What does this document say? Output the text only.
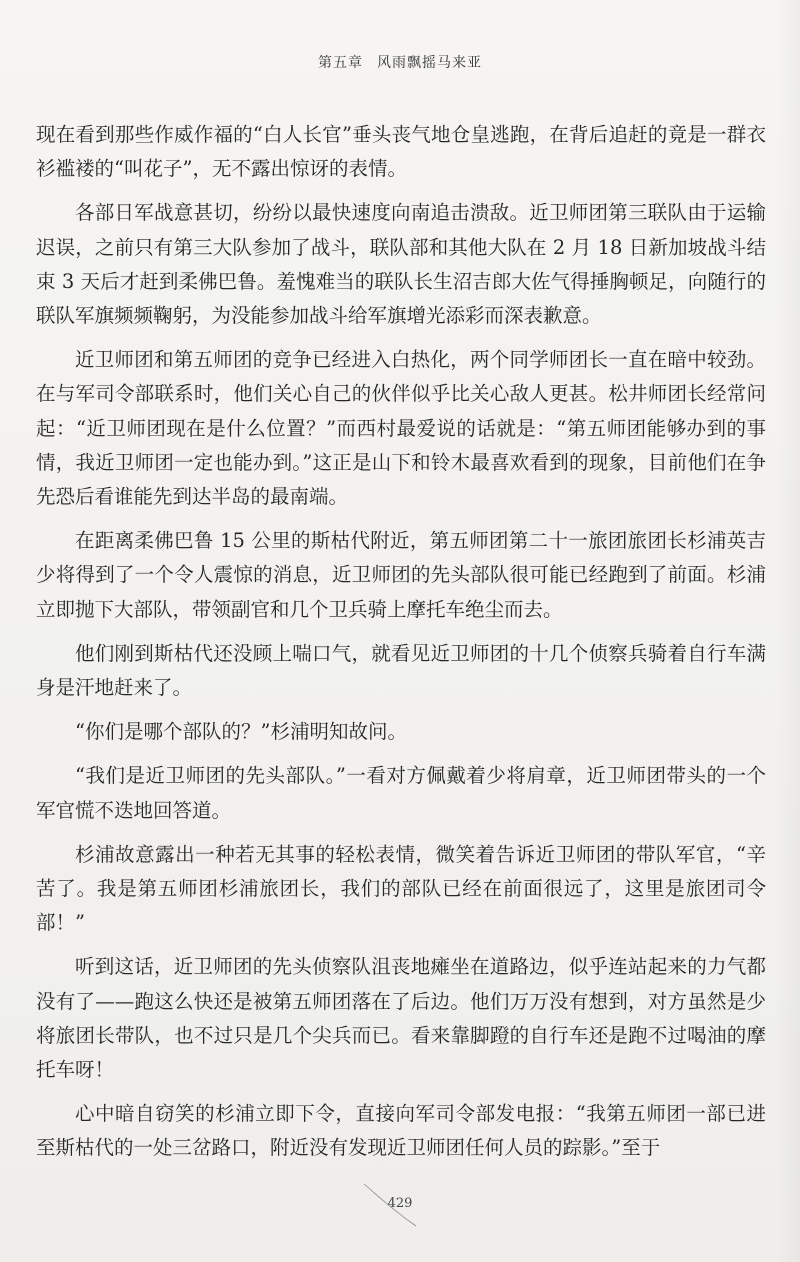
第五章 风雨飘摇马来亚

现在看到那些作威作福的“白人长官”垂头丧气地仓皇逃跑，在背后追赶的竟是一群衣衫褴褛的“叫花子”，无不露出惊讶的表情。

各部日军战意甚切，纷纷以最快速度向南追击溃敌。近卫师团第三联队由于运输迟误，之前只有第三大队参加了战斗，联队部和其他大队在 2 月 18 日新加坡战斗结束 3 天后才赶到柔佛巴鲁。羞愧难当的联队长生沼吉郎大佐气得捶胸顿足，向随行的联队军旗频频鞠躬，为没能参加战斗给军旗增光添彩而深表歉意。

近卫师团和第五师团的竞争已经进入白热化，两个同学师团长一直在暗中较劲。在与军司令部联系时，他们关心自己的伙伴似乎比关心敌人更甚。松井师团长经常问起：“近卫师团现在是什么位置？”而西村最爱说的话就是：“第五师团能够办到的事情，我近卫师团一定也能办到。”这正是山下和铃木最喜欢看到的现象，目前他们在争先恐后看谁能先到达半岛的最南端。

在距离柔佛巴鲁 15 公里的斯枯代附近，第五师团第二十一旅团旅团长杉浦英吉少将得到了一个令人震惊的消息，近卫师团的先头部队很可能已经跑到了前面。杉浦立即抛下大部队，带领副官和几个卫兵骑上摩托车绝尘而去。

他们刚到斯枯代还没顾上喘口气，就看见近卫师团的十几个侦察兵骑着自行车满身是汗地赶来了。

“你们是哪个部队的？”杉浦明知故问。

“我们是近卫师团的先头部队。”一看对方佩戴着少将肩章，近卫师团带头的一个军官慌不迭地回答道。

杉浦故意露出一种若无其事的轻松表情，微笑着告诉近卫师团的带队军官，“辛苦了。我是第五师团杉浦旅团长，我们的部队已经在前面很远了，这里是旅团司令部！”

听到这话，近卫师团的先头侦察队沮丧地瘫坐在道路边，似乎连站起来的力气都没有了——跑这么快还是被第五师团落在了后边。他们万万没有想到，对方虽然是少将旅团长带队，也不过只是几个尖兵而已。看来靠脚蹬的自行车还是跑不过喝油的摩托车呀！

心中暗自窃笑的杉浦立即下令，直接向军司令部发电报：“我第五师团一部已进至斯枯代的一处三岔路口，附近没有发现近卫师团任何人员的踪影。”至于

429
